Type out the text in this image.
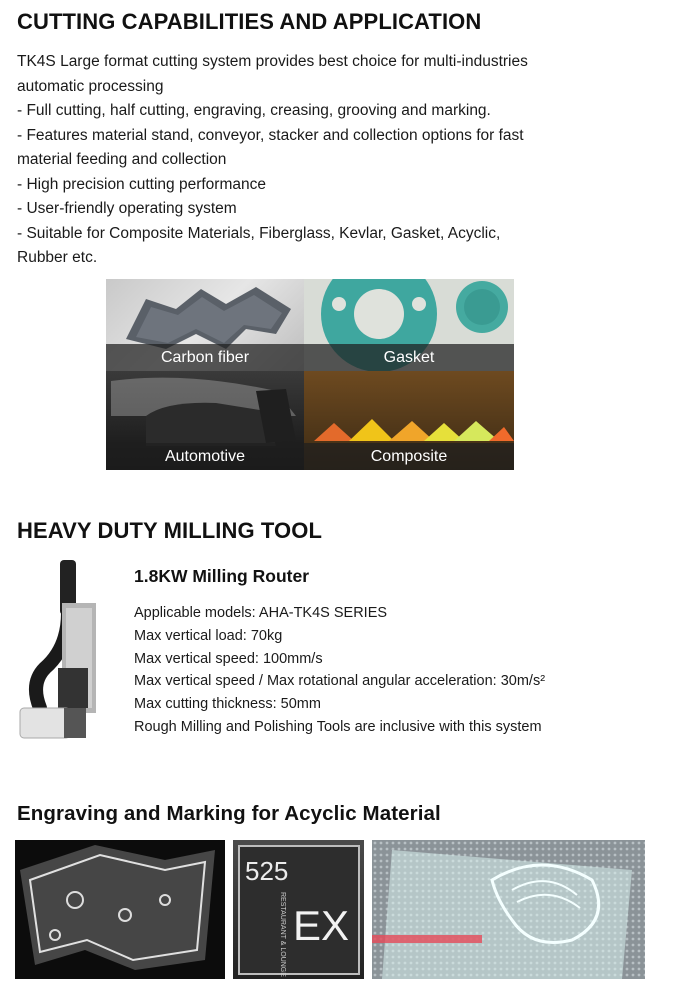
CUTTING CAPABILITIES AND APPLICATION
TK4S Large format cutting system provides best choice for multi-industries
automatic processing
- Full cutting, half cutting, engraving, creasing, grooving and marking.
- Features material stand, conveyor, stacker and collection options for fast
material feeding and collection
- High precision cutting performance
- User-friendly operating system
- Suitable for Composite Materials, Fiberglass, Kevlar, Gasket, Acyclic,
Rubber etc.
Carbon fiber	Gasket
Automotive	Composite
HEAVY DUTY MILLING TOOL
1.8KW Milling Router
Applicable models: AHA-TK4S SERIES
Max vertical load: 70kg
Max vertical speed: 100mm/s
Max vertical speed / Max rotational angular acceleration: 30m/s²
Max cutting thickness: 50mm
Rough Milling and Polishing Tools are inclusive with this system
Engraving and Marking for Acyclic Material
525
EX
RESTAURANT & LOUNGE
